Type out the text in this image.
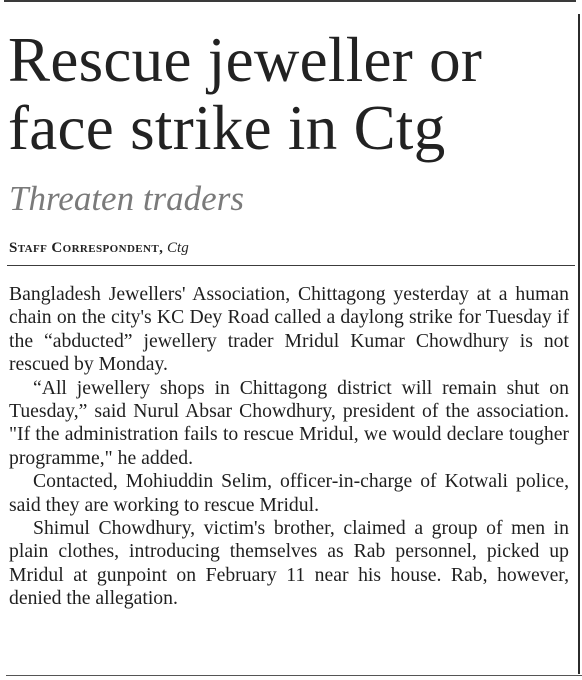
Rescue jeweller or
face strike in Ctg
Threaten traders
Staff Correspondent, Ctg

Bangladesh Jewellers' Association, Chittagong yesterday at a human chain on the city's KC Dey Road called a daylong strike for Tuesday if the “abducted” jewellery trader Mridul Kumar Chowdhury is not rescued by Monday.

“All jewellery shops in Chittagong district will remain shut on Tuesday,” said Nurul Absar Chowdhury, president of the association. "If the administration fails to rescue Mridul, we would declare tougher programme," he added.

Contacted, Mohiuddin Selim, officer-in-charge of Kotwali police, said they are working to rescue Mridul.

Shimul Chowdhury, victim's brother, claimed a group of men in plain clothes, introducing themselves as Rab personnel, picked up Mridul at gunpoint on February 11 near his house. Rab, however, denied the allegation.
